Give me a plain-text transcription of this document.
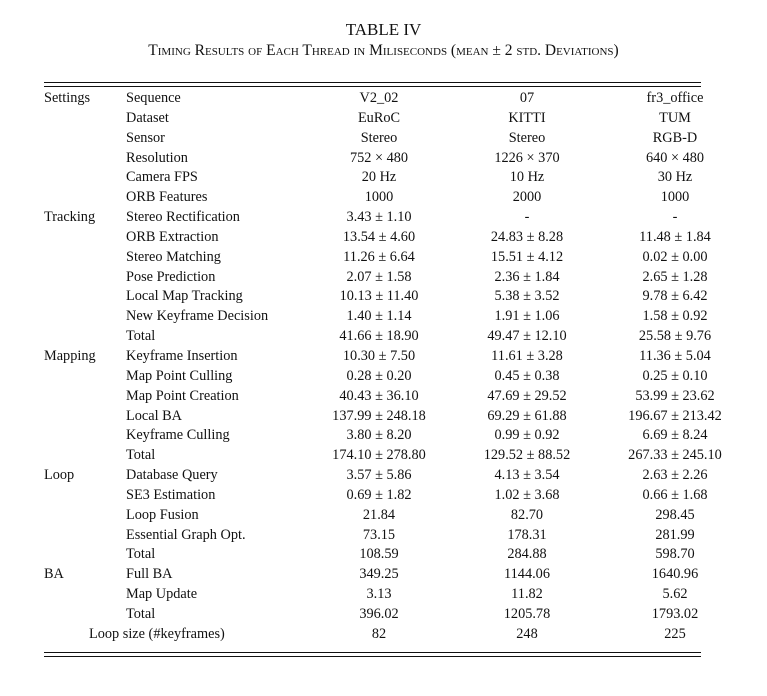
TABLE IV
Timing Results of Each Thread in Miliseconds (mean ± 2 std. Deviations)
Settings	Sequence	V2_02	07	fr3_office
	Dataset	EuRoC	KITTI	TUM
	Sensor	Stereo	Stereo	RGB-D
	Resolution	752 × 480	1226 × 370	640 × 480
	Camera FPS	20 Hz	10 Hz	30 Hz
	ORB Features	1000	2000	1000
Tracking	Stereo Rectification	3.43 ± 1.10	-	-
	ORB Extraction	13.54 ± 4.60	24.83 ± 8.28	11.48 ± 1.84
	Stereo Matching	11.26 ± 6.64	15.51 ± 4.12	0.02 ± 0.00
	Pose Prediction	2.07 ± 1.58	2.36 ± 1.84	2.65 ± 1.28
	Local Map Tracking	10.13 ± 11.40	5.38 ± 3.52	9.78 ± 6.42
	New Keyframe Decision	1.40 ± 1.14	1.91 ± 1.06	1.58 ± 0.92
	Total	41.66 ± 18.90	49.47 ± 12.10	25.58 ± 9.76
Mapping	Keyframe Insertion	10.30 ± 7.50	11.61 ± 3.28	11.36 ± 5.04
	Map Point Culling	0.28 ± 0.20	0.45 ± 0.38	0.25 ± 0.10
	Map Point Creation	40.43 ± 36.10	47.69 ± 29.52	53.99 ± 23.62
	Local BA	137.99 ± 248.18	69.29 ± 61.88	196.67 ± 213.42
	Keyframe Culling	3.80 ± 8.20	0.99 ± 0.92	6.69 ± 8.24
	Total	174.10 ± 278.80	129.52 ± 88.52	267.33 ± 245.10
Loop	Database Query	3.57 ± 5.86	4.13 ± 3.54	2.63 ± 2.26
	SE3 Estimation	0.69 ± 1.82	1.02 ± 3.68	0.66 ± 1.68
	Loop Fusion	21.84	82.70	298.45
	Essential Graph Opt.	73.15	178.31	281.99
	Total	108.59	284.88	598.70
BA	Full BA	349.25	1144.06	1640.96
	Map Update	3.13	11.82	5.62
	Total	396.02	1205.78	1793.02
Loop size (#keyframes)		82	248	225
